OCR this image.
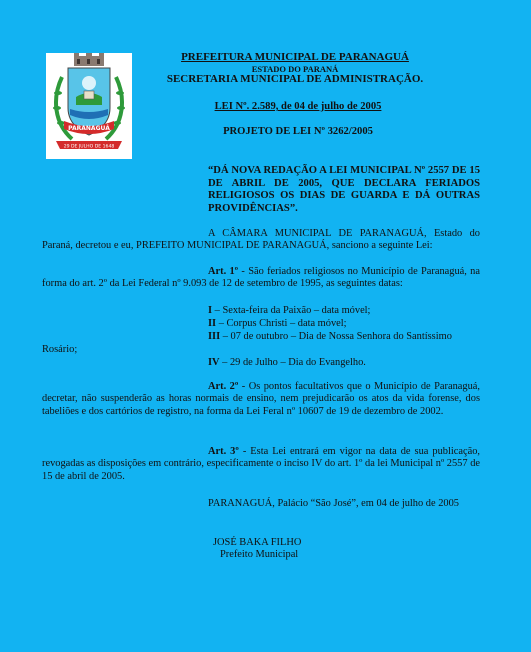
PARANAGUÁ
29 DE JULHO DE 1648
PREFEITURA MUNICIPAL DE PARANAGUÁ
ESTADO DO PARANÁ
SECRETARIA MUNICIPAL DE ADMINISTRAÇÃO.
LEI Nº. 2.589, de 04 de julho de 2005
PROJETO DE LEI Nº 3262/2005

“DÁ NOVA REDAÇÃO A LEI MUNICIPAL Nº 2557 DE 15 DE ABRIL DE 2005, QUE DECLARA FERIADOS RELIGIOSOS OS DIAS DE GUARDA E DÁ OUTRAS PROVIDÊNCIAS”.

A CÂMARA MUNICIPAL DE PARANAGUÁ, Estado do Paraná, decretou e eu, PREFEITO MUNICIPAL DE PARANAGUÁ, sanciono a seguinte Lei:

Art. 1º - São feriados religiosos no Município de Paranaguá, na forma do art. 2º da Lei Federal nº 9.093 de 12 de setembro de 1995, as seguintes datas:

I – Sexta-feira da Paixão – data móvel;

II – Corpus Christi – data móvel;

III – 07 de outubro – Dia de Nossa Senhora do Santíssimo

Rosário;

IV – 29 de Julho – Dia do Evangelho.

Art. 2º - Os pontos facultativos que o Município de Paranaguá, decretar, não suspenderão as horas normais de ensino, nem prejudicarão os atos da vida forense, dos tabeliões e dos cartórios de registro, na forma da Lei Feral nº 10607 de 19 de dezembro de 2002.

Art. 3º - Esta Lei entrará em vigor na data de sua publicação, revogadas as disposições em contrário, especificamente o inciso IV do art. 1º da lei Municipal nº 2557 de 15 de abril de 2005.

PARANAGUÁ, Palácio “São José”, em 04 de julho de 2005

JOSÉ BAKA FILHO

Prefeito Municipal
